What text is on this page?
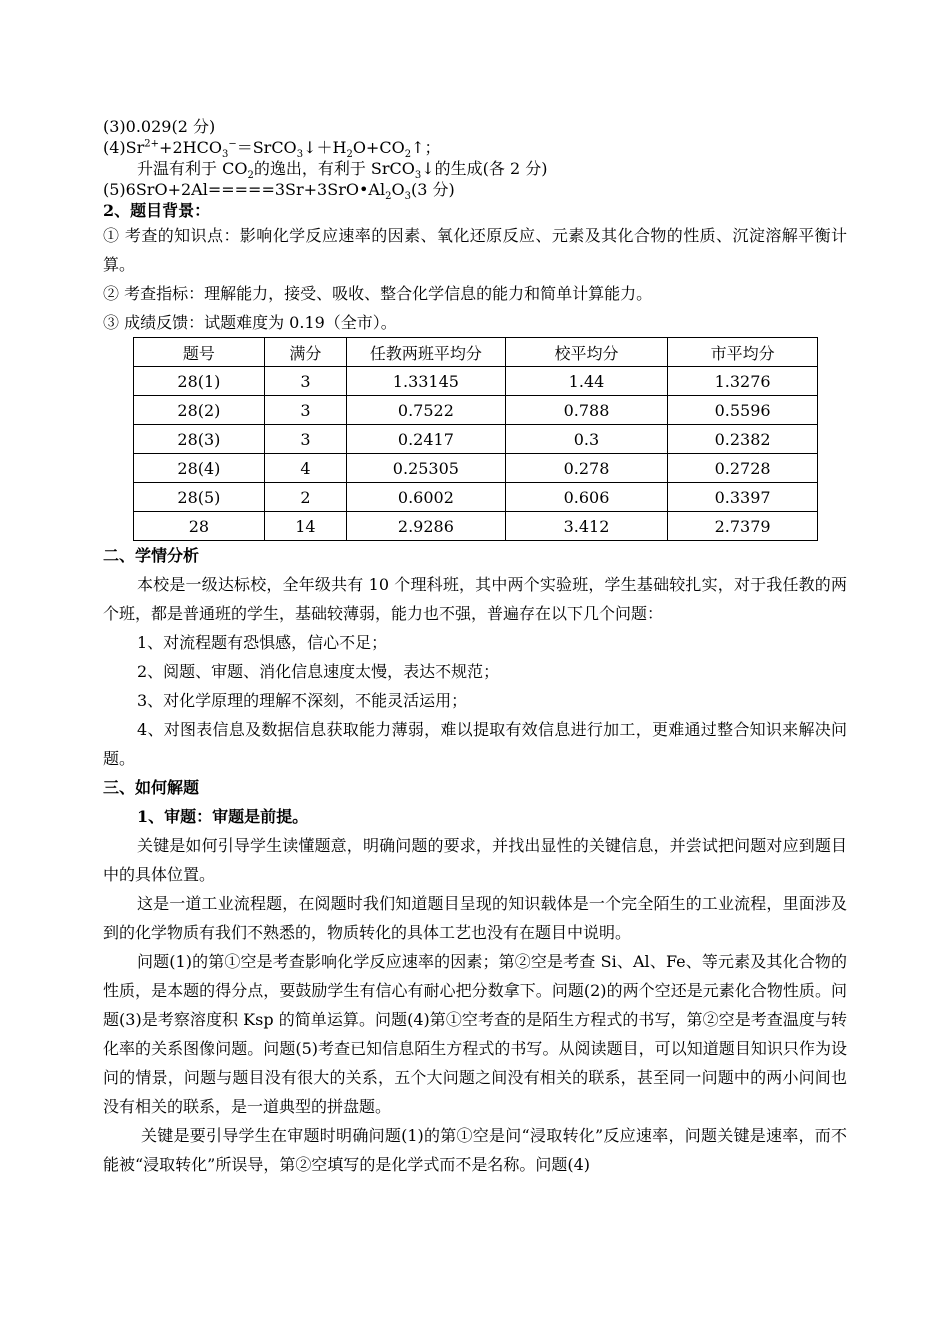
(3)0.029(2 分)
$(4)Sr^{2+}+2HCO_3^-=SrCO_3↓+H_2O+CO_2↑$；
升温有利于 $CO_2$的逸出，有利于 SrCO$_3$↓的生成(各 2 分)
$(5)6SrO+2Al=====3Sr+3SrO•Al_2O_3(3$ 分)
2、题目背景：
① 考查的知识点：影响化学反应速率的因素、氧化还原反应、元素及其化合物的性质、沉淀溶解平衡计算。
② 考查指标：理解能力，接受、吸收、整合化学信息的能力和简单计算能力。
③ 成绩反馈：试题难度为 0.19（全市）。
题号	满分	任教两班平均分	校平均分	市平均分
28(1)	3	1.33145	1.44	1.3276
28(2)	3	0.7522	0.788	0.5596
28(3)	3	0.2417	0.3	0.2382
28(4)	4	0.25305	0.278	0.2728
28(5)	2	0.6002	0.606	0.3397
28	14	2.9286	3.412	2.7379
二、学情分析
本校是一级达标校，全年级共有 10 个理科班，其中两个实验班，学生基础较扎实，对于我任教的两个班，都是普通班的学生，基础较薄弱，能力也不强，普遍存在以下几个问题：
1、对流程题有恐惧感，信心不足；
2、阅题、审题、消化信息速度太慢，表达不规范；
3、对化学原理的理解不深刻，不能灵活运用；
4、对图表信息及数据信息获取能力薄弱，难以提取有效信息进行加工，更难通过整合知识来解决问题。
三、如何解题
1、审题：审题是前提。
关键是如何引导学生读懂题意，明确问题的要求，并找出显性的关键信息，并尝试把问题对应到题目中的具体位置。
这是一道工业流程题，在阅题时我们知道题目呈现的知识载体是一个完全陌生的工业流程，里面涉及到的化学物质有我们不熟悉的，物质转化的具体工艺也没有在题目中说明。
问题(1)的第①空是考查影响化学反应速率的因素；第②空是考查 Si、Al、Fe、等元素及其化合物的性质，是本题的得分点，要鼓励学生有信心有耐心把分数拿下。问题(2)的两个空还是元素化合物性质。问题(3)是考察溶度积 Ksp 的简单运算。问题(4)第①空考查的是陌生方程式的书写，第②空是考查温度与转化率的关系图像问题。问题(5)考查已知信息陌生方程式的书写。从阅读题目，可以知道题目知识只作为设问的情景，问题与题目没有很大的关系，五个大问题之间没有相关的联系，甚至同一问题中的两小问间也没有相关的联系，是一道典型的拼盘题。
关键是要引导学生在审题时明确问题(1)的第①空是问“浸取转化”反应速率，问题关键是速率，而不能被“浸取转化”所误导，第②空填写的是化学式而不是名称。问题(4)
